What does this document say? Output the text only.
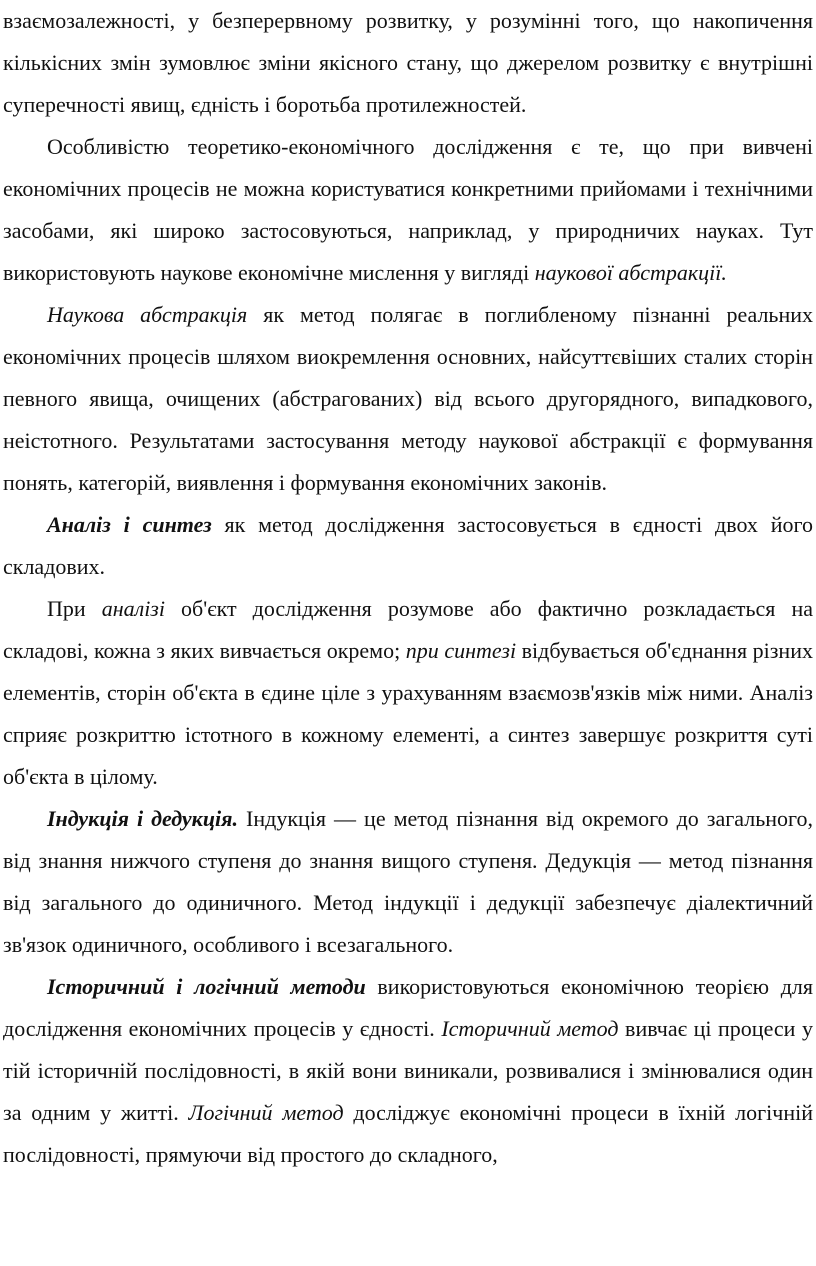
взаємозалежності, у безперервному розвитку, у розумінні того, що накопичення кількісних змін зумовлює зміни якісного стану, що джерелом розвитку є внутрішні суперечності явищ, єдність і боротьба протилежностей.

Особливістю теоретико-економічного дослідження є те, що при вивчені економічних процесів не можна користуватися конкретними прийомами і технічними засобами, які широко застосовуються, наприклад, у природничих науках. Тут використовують наукове економічне мислення у вигляді наукової абстракції.

Наукова абстракція як метод полягає в поглибленому пізнанні реальних економічних процесів шляхом виокремлення основних, найсуттєвіших сталих сторін певного явища, очищених (абстрагованих) від всього другорядного, випадкового, неістотного. Результатами застосування методу наукової абстракції є формування понять, категорій, виявлення і формування економічних законів.

Аналіз і синтез як метод дослідження застосовується в єдності двох його складових.

При аналізі об'єкт дослідження розумове або фактично розкладається на складові, кожна з яких вивчається окремо; при синтезі відбувається об'єднання різних елементів, сторін об'єкта в єдине ціле з урахуванням взаємозв'язків між ними. Аналіз сприяє розкриттю істотного в кожному елементі, а синтез завершує розкриття суті об'єкта в цілому.

Індукція і дедукція. Індукція — це метод пізнання від окремого до загального, від знання нижчого ступеня до знання вищого ступеня. Дедукція — метод пізнання від загального до одиничного. Метод індукції і дедукції забезпечує діалектичний зв'язок одиничного, особливого і всезагального.

Історичний і логічний методи використовуються економічною теорією для дослідження економічних процесів у єдності. Історичний метод вивчає ці процеси у тій історичній послідовності, в якій вони виникали, розвивалися і змінювалися один за одним у житті. Логічний метод досліджує економічні процеси в їхній логічній послідовності, прямуючи від простого до складного,
